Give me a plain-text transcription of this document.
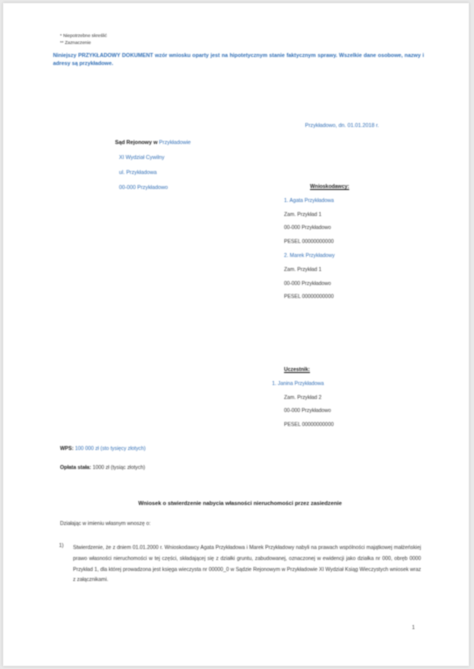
* Niepotrzebne skreślić
** Zaznaczenie
Niniejszy PRZYKŁADOWY DOKUMENT wzór wniosku oparty jest na hipotetycznym stanie faktycznym sprawy. Wszelkie dane osobowe, nazwy i adresy są przykładowe.
Przykładowo, dn. 01.01.2018 r.
Sąd Rejonowy w Przykładowie
XI Wydział Cywilny
ul. Przykładowa
00-000 Przykładowo	Wnioskodawcy:
1. Agata Przykładowa
Zam. Przykład 1
00-000 Przykładowo
PESEL 00000000000
2. Marek Przykładowy
Zam. Przykład 1
00-000 Przykładowo
PESEL 00000000000
Uczestnik:
1. Janina Przykładowa
Zam. Przykład 2
00-000 Przykładowo
PESEL 00000000000
WPS: 100 000 zł (sto tysięcy złotych)
Opłata stała: 1000 zł (tysiąc złotych)
Wniosek o stwierdzenie nabycia własności nieruchomości przez zasiedzenie
Działając w imieniu własnym wnoszę o:
1) Stwierdzenie, że z dniem 01.01.2000 r. Wnioskodawcy Agata Przykładowa i Marek Przykładowy nabyli na prawach wspólności majątkowej małżeńskiej prawo własności nieruchomości w tej części, składającej się z działki gruntu, zabudowanej, oznaczonej w ewidencji jako działka nr 000, obręb 0000 Przykład 1, dla której prowadzona jest księga wieczysta nr 00000_0 w Sądzie Rejonowym w Przykładowie XI Wydział Ksiąg Wieczystych wniosek wraz z załącznikami.
1
